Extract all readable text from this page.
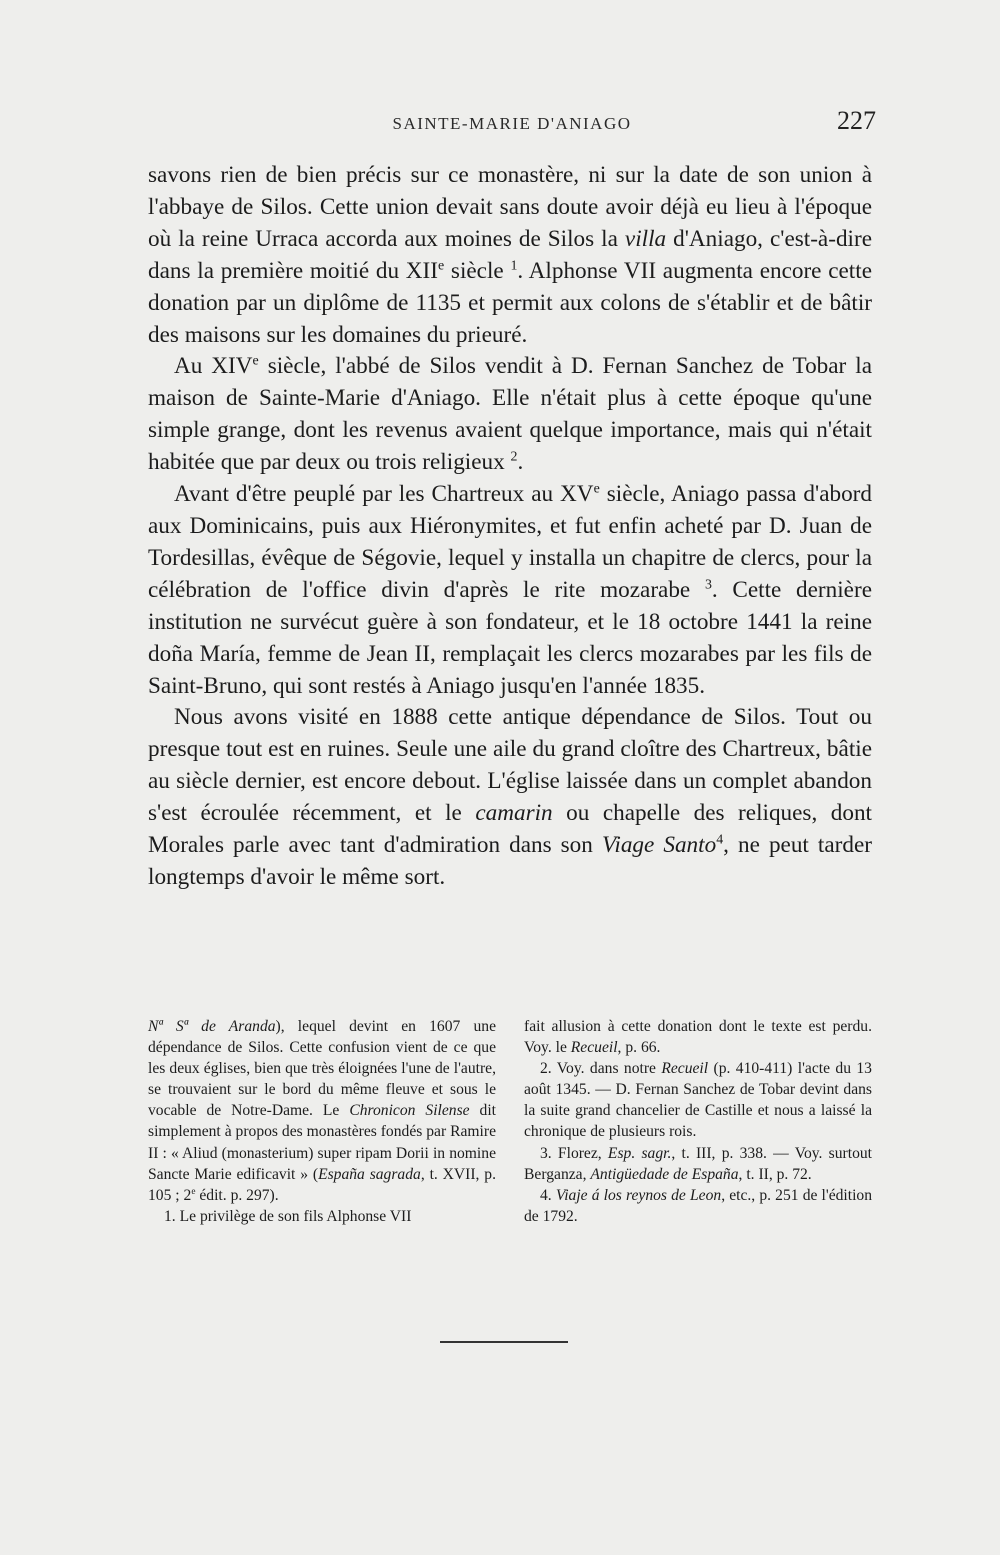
SAINTE-MARIE D'ANIAGO	227

savons rien de bien précis sur ce monastère, ni sur la date de son union à l'abbaye de Silos. Cette union devait sans doute avoir déjà eu lieu à l'époque où la reine Urraca accorda aux moines de Silos la villa d'Aniago, c'est-à-dire dans la première moitié du XIIe siècle $^1$. Alphonse VII augmenta encore cette donation par un diplôme de 1135 et permit aux colons de s'établir et de bâtir des maisons sur les domaines du prieuré.

Au XIVe siècle, l'abbé de Silos vendit à D. Fernan Sanchez de Tobar la maison de Sainte-Marie d'Aniago. Elle n'était plus à cette époque qu'une simple grange, dont les revenus avaient quelque importance, mais qui n'était habitée que par deux ou trois religieux $^2$.

Avant d'être peuplé par les Chartreux au XVe siècle, Aniago passa d'abord aux Dominicains, puis aux Hiéronymites, et fut enfin acheté par D. Juan de Tordesillas, évêque de Ségovie, lequel y installa un chapitre de clercs, pour la célébration de l'office divin d'après le rite mozarabe $^3$. Cette dernière institution ne survécut guère à son fondateur, et le 18 octobre 1441 la reine doña María, femme de Jean II, remplaçait les clercs mozarabes par les fils de Saint-Bruno, qui sont restés à Aniago jusqu'en l'année 1835.

Nous avons visité en 1888 cette antique dépendance de Silos. Tout ou presque tout est en ruines. Seule une aile du grand cloître des Chartreux, bâtie au siècle dernier, est encore debout. L'église laissée dans un complet abandon s'est écroulée récemment, et le camarin ou chapelle des reliques, dont Morales parle avec tant d'admiration dans son Viage Santo$^4$, ne peut tarder longtemps d'avoir le même sort.

Nª Sª de Aranda), lequel devint en 1607 une dépendance de Silos. Cette confusion vient de ce que les deux églises, bien que très éloignées l'une de l'autre, se trouvaient sur le bord du même fleuve et sous le vocable de Notre-Dame. Le Chronicon Silense dit simplement à propos des monastères fondés par Ramire II : « Aliud (monasterium) super ripam Dorii in nomine Sancte Marie edificavit » (España sagrada, t. XVII, p. 105 ; 2e édit. p. 297).

1. Le privilège de son fils Alphonse VII

fait allusion à cette donation dont le texte est perdu. Voy. le Recueil, p. 66.

2. Voy. dans notre Recueil (p. 410-411) l'acte du 13 août 1345. — D. Fernan Sanchez de Tobar devint dans la suite grand chancelier de Castille et nous a laissé la chronique de plusieurs rois.

3. Florez, Esp. sagr., t. III, p. 338. — Voy. surtout Berganza, Antigüedade de España, t. II, p. 72.

4. Viaje á los reynos de Leon, etc., p. 251 de l'édition de 1792.
